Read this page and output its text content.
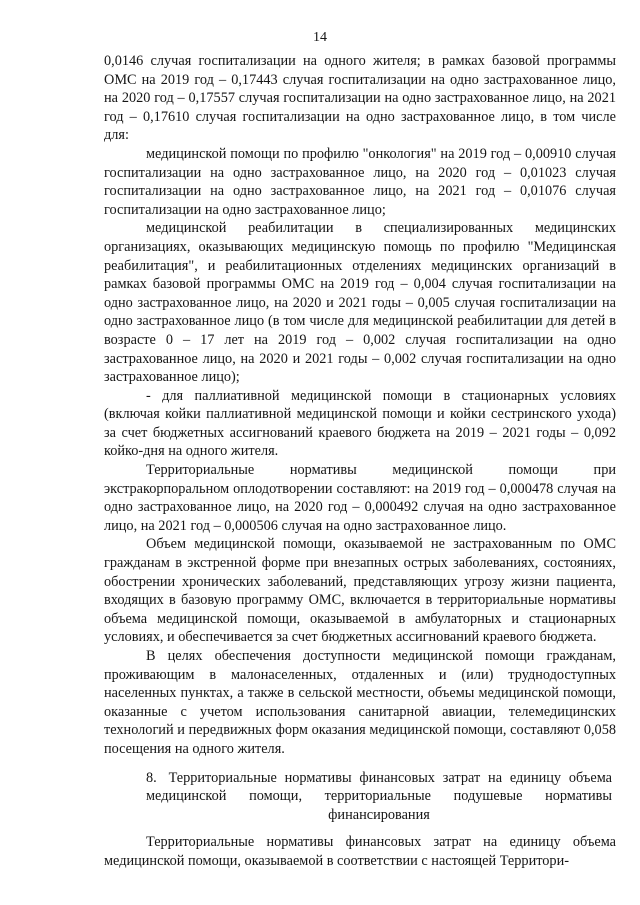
14

0,0146 случая госпитализации на одного жителя; в рамках базовой программы ОМС на 2019 год – 0,17443 случая госпитализации на одно застрахованное лицо, на 2020 год – 0,17557 случая госпитализации на одно застрахованное лицо, на 2021 год – 0,17610 случая госпитализации на одно застрахованное лицо, в том числе для:

медицинской помощи по профилю "онкология" на 2019 год – 0,00910 случая госпитализации на одно застрахованное лицо, на 2020 год – 0,01023 случая госпитализации на одно застрахованное лицо, на 2021 год – 0,01076 случая госпитализации на одно застрахованное лицо;

медицинской реабилитации в специализированных медицинских организациях, оказывающих медицинскую помощь по профилю "Медицинская реабилитация", и реабилитационных отделениях медицинских организаций в рамках базовой программы ОМС на 2019 год – 0,004 случая госпитализации на одно застрахованное лицо, на 2020 и 2021 годы – 0,005 случая госпитализации на одно застрахованное лицо (в том числе для медицинской реабилитации для детей в возрасте 0 – 17 лет на 2019 год – 0,002 случая госпитализации на одно застрахованное лицо, на 2020 и 2021 годы – 0,002 случая госпитализации на одно застрахованное лицо);

- для паллиативной медицинской помощи в стационарных условиях (включая койки паллиативной медицинской помощи и койки сестринского ухода) за счет бюджетных ассигнований краевого бюджета на 2019 – 2021 годы – 0,092 койко-дня на одного жителя.

Территориальные нормативы медицинской помощи при экстракорпоральном оплодотворении составляют: на 2019 год – 0,000478 случая на одно застрахованное лицо, на 2020 год – 0,000492 случая на одно застрахованное лицо, на 2021 год – 0,000506 случая на одно застрахованное лицо.

Объем медицинской помощи, оказываемой не застрахованным по ОМС гражданам в экстренной форме при внезапных острых заболеваниях, состояниях, обострении хронических заболеваний, представляющих угрозу жизни пациента, входящих в базовую программу ОМС, включается в территориальные нормативы объема медицинской помощи, оказываемой в амбулаторных и стационарных условиях, и обеспечивается за счет бюджетных ассигнований краевого бюджета.

В целях обеспечения доступности медицинской помощи гражданам, проживающим в малонаселенных, отдаленных и (или) труднодоступных населенных пунктах, а также в сельской местности, объемы медицинской помощи, оказанные с учетом использования санитарной авиации, телемедицинских технологий и передвижных форм оказания медицинской помощи, составляют 0,058 посещения на одного жителя.

8. Территориальные нормативы финансовых затрат на единицу объема медицинской помощи, территориальные подушевые нормативы финансирования

Территориальные нормативы финансовых затрат на единицу объема медицинской помощи, оказываемой в соответствии с настоящей Территори-
